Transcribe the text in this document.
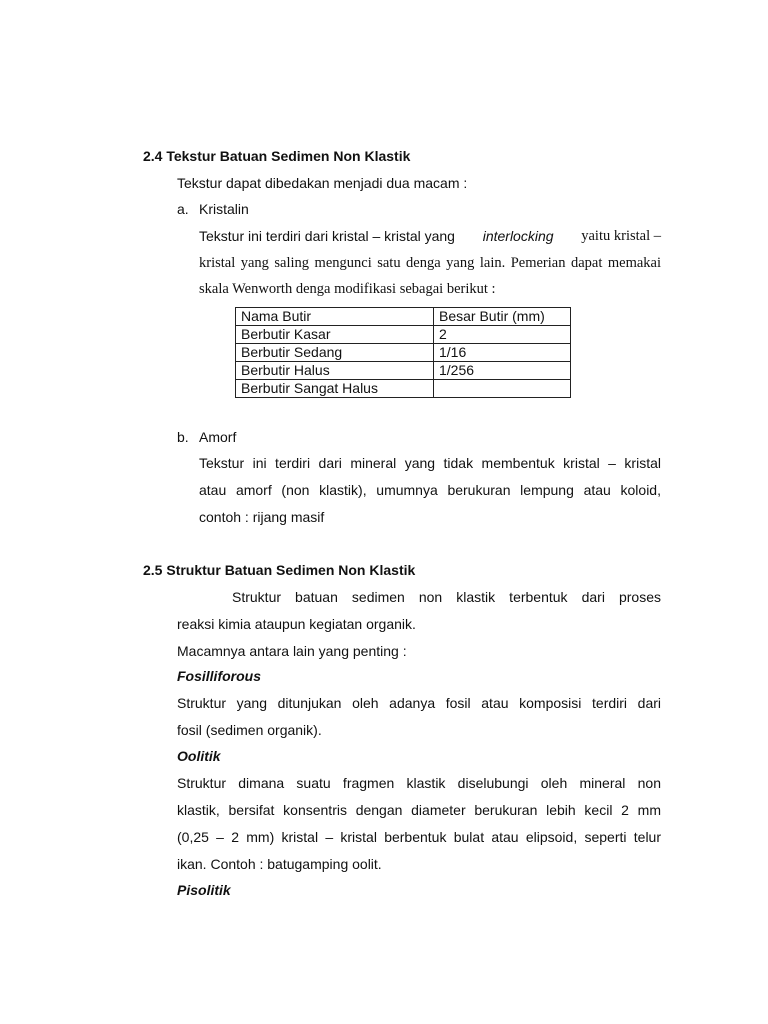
2.4 Tekstur Batuan Sedimen Non Klastik
Tekstur dapat dibedakan menjadi dua macam :
a. Kristalin
Tekstur ini terdiri dari kristal – kristal yang interlocking yaitu kristal –
kristal yang saling mengunci satu denga yang lain. Pemerian dapat memakai
skala Wenworth denga modifikasi sebagai berikut :
Nama Butir	Besar Butir (mm)
Berbutir Kasar	2
Berbutir Sedang	1/16
Berbutir Halus	1/256
Berbutir Sangat Halus	
b. Amorf
Tekstur ini terdiri dari mineral yang tidak membentuk kristal – kristal
atau amorf (non klastik), umumnya berukuran lempung atau koloid,
contoh : rijang masif
2.5 Struktur Batuan Sedimen Non Klastik
Struktur batuan sedimen non klastik terbentuk dari proses
reaksi kimia ataupun kegiatan organik.
Macamnya antara lain yang penting :
Fosilliforous
Struktur yang ditunjukan oleh adanya fosil atau komposisi terdiri dari
fosil (sedimen organik).
Oolitik
Struktur dimana suatu fragmen klastik diselubungi oleh mineral non
klastik, bersifat konsentris dengan diameter berukuran lebih kecil 2 mm
(0,25 – 2 mm) kristal – kristal berbentuk bulat atau elipsoid, seperti telur
ikan. Contoh : batugamping oolit.
Pisolitik
